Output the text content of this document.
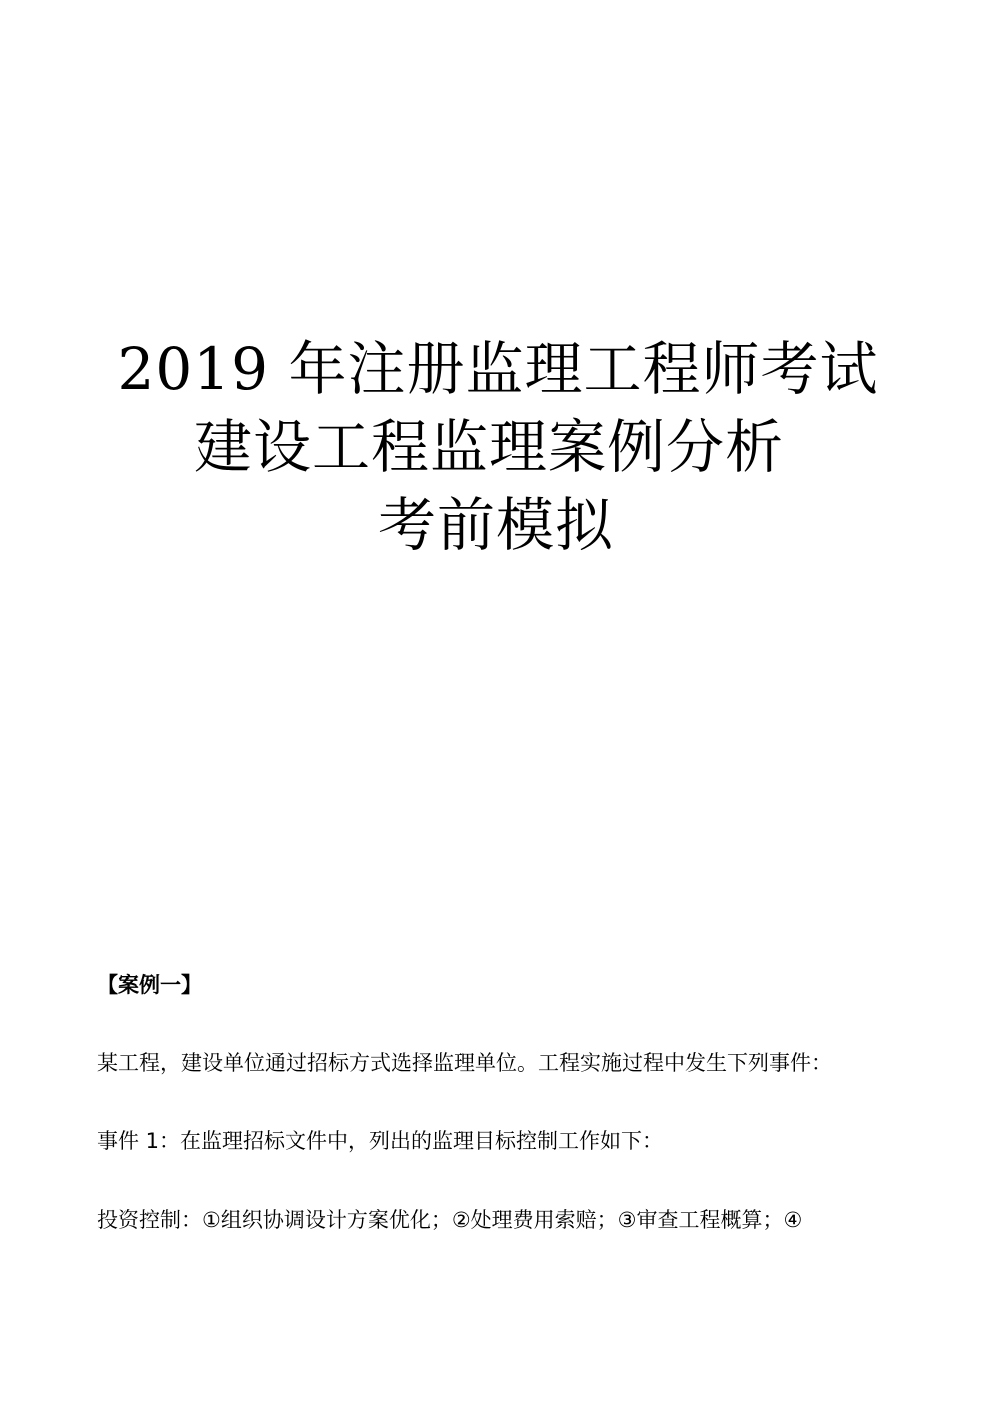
2019 年注册监理工程师考试
建设工程监理案例分析
考前模拟
【案例一】
某工程，建设单位通过招标方式选择监理单位。工程实施过程中发生下列事件：
事件 1：在监理招标文件中，列出的监理目标控制工作如下：
投资控制：①组织协调设计方案优化；②处理费用索赔；③审查工程概算；④
